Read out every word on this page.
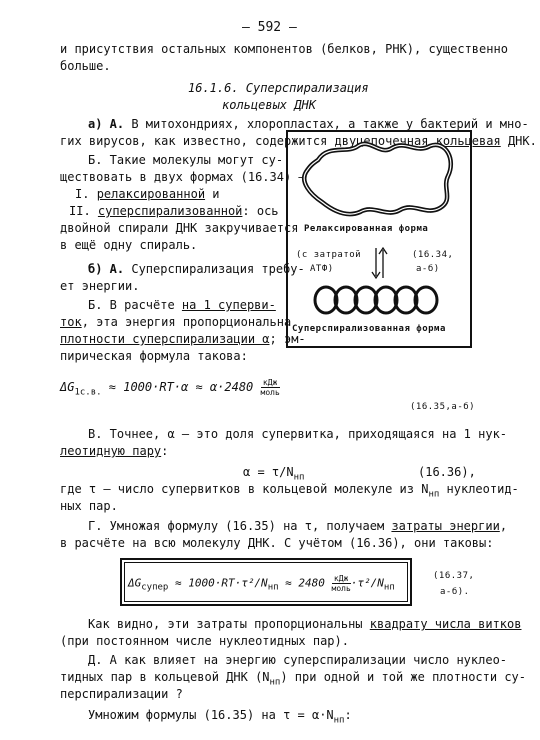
– 592 –
и присутствия остальных компонентов (белков, РНК), существенно
больше.
16.1.6. Суперспирализация
кольцевых ДНК
а) А. В митохондриях, хлоропластах, а также у бактерий и мно-
гих вирусов, как известно, содержится двуцепочечная кольцевая ДНК.
Б. Такие молекулы могут су-
ществовать в двух формах (16.34) –
I. релаксированной и
II. суперспирализованной: ось
двойной спирали ДНК закручивается
в ещё одну спираль.
б) А. Суперспирализация требу-
ет энергии.
Б. В расчёте на 1 суперви-
ток, эта энергия пропорциональна
плотности суперспирализации α; эм-
пирическая формула такова:
$\Delta G_{1с.в.} \approx 1000\cdot RT\cdot\alpha \approx \alpha\cdot 2480 \frac{\text{кДж}}{\text{моль}}$
(16.35,а-б)
В. Точнее, α – это доля супервитка, приходящаяся на 1 нук-
леотидную пару:
$\alpha = \tau/N_{нп}$	(16.36),
где τ – число супервитков в кольцевой молекуле из $N_{нп}$ нуклеотид-
ных пар.
Г. Умножая формулу (16.35) на τ, получаем затраты энергии,
в расчёте на всю молекулу ДНК. С учётом (16.36), они таковы:
$\Delta G_{супер} \approx 1000\cdot RT\cdot\tau^2/N_{нп} \approx 2480 \frac{\text{кДж}}{\text{моль}} \cdot\tau^2/N_{нп}$
(16.37,
а-б).
Как видно, эти затраты пропорциональны квадрату числа витков
(при постоянном числе нуклеотидных пар).
Д. А как влияет на энергию суперспирализации число нуклео-
тидных пар в кольцевой ДНК $(N_{нп})$ при одной и той же плотности су-
перспирализации ?
Умножим формулы (16.35) на $\tau = \alpha\cdot N_{нп}$:
Релаксированная форма
(с затратой
АТФ)
(16.34,
а-б)
Суперспирализованная форма
